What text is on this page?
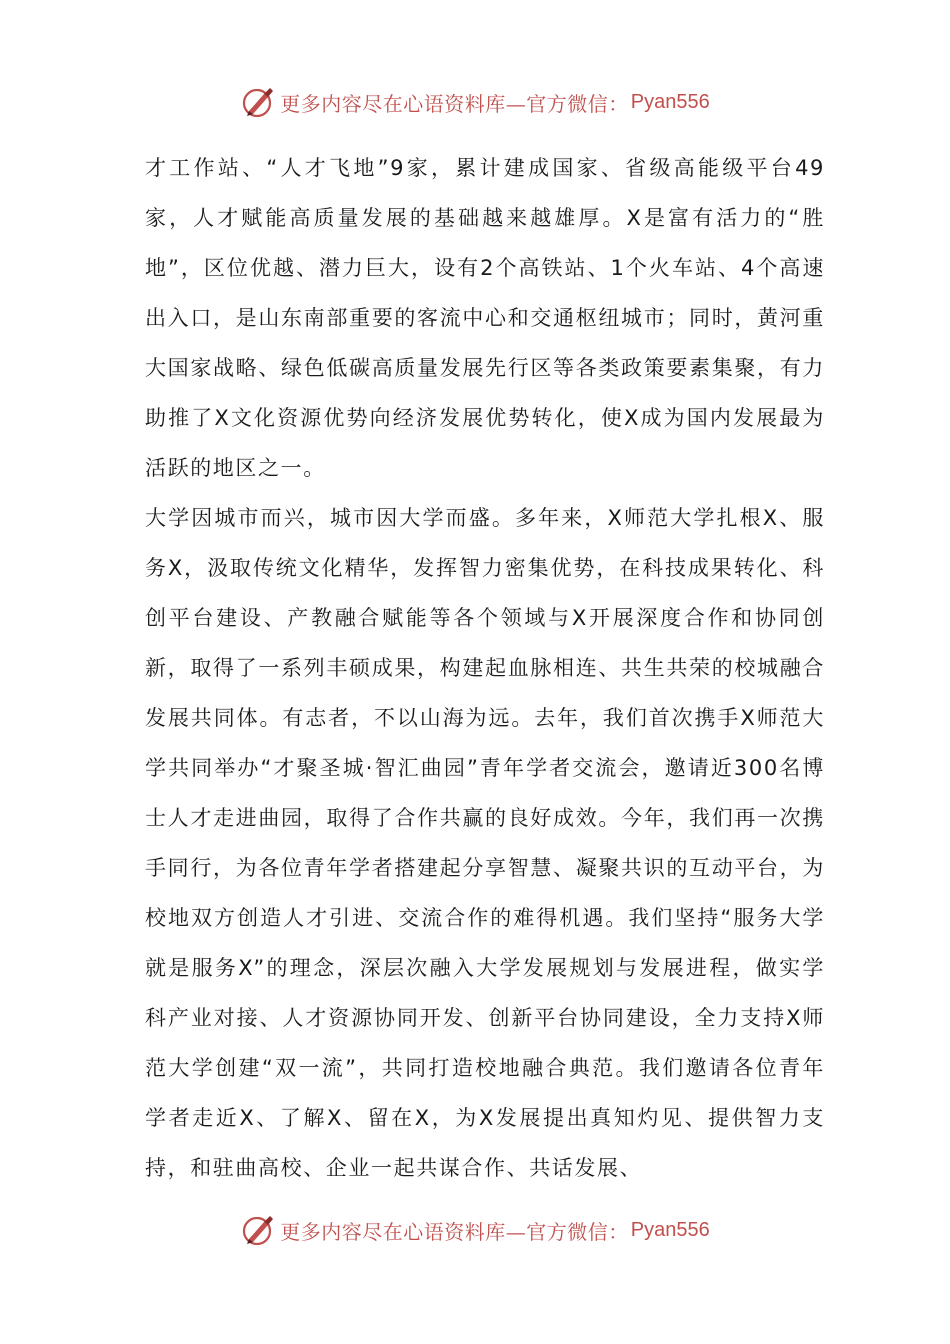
更多内容尽在心语资料库—官方微信： Pyan556

才工作站、“人才飞地”9家，累计建成国家、省级高能级平台49家，人才赋能高质量发展的基础越来越雄厚。X是富有活力的“胜地”，区位优越、潜力巨大，设有2个高铁站、1个火车站、4个高速出入口，是山东南部重要的客流中心和交通枢纽城市；同时，黄河重大国家战略、绿色低碳高质量发展先行区等各类政策要素集聚，有力助推了X文化资源优势向经济发展优势转化，使X成为国内发展最为活跃的地区之一。

大学因城市而兴，城市因大学而盛。多年来，X师范大学扎根X、服务X，汲取传统文化精华，发挥智力密集优势，在科技成果转化、科创平台建设、产教融合赋能等各个领域与X开展深度合作和协同创新，取得了一系列丰硕成果，构建起血脉相连、共生共荣的校城融合发展共同体。有志者，不以山海为远。去年，我们首次携手X师范大学共同举办“才聚圣城·智汇曲园”青年学者交流会，邀请近300名博士人才走进曲园，取得了合作共赢的良好成效。今年，我们再一次携手同行，为各位青年学者搭建起分享智慧、凝聚共识的互动平台，为校地双方创造人才引进、交流合作的难得机遇。我们坚持“服务大学就是服务X”的理念，深层次融入大学发展规划与发展进程，做实学科产业对接、人才资源协同开发、创新平台协同建设，全力支持X师范大学创建“双一流”，共同打造校地融合典范。我们邀请各位青年学者走近X、了解X、留在X，为X发展提出真知灼见、提供智力支持，和驻曲高校、企业一起共谋合作、共话发展、

更多内容尽在心语资料库—官方微信： Pyan556
